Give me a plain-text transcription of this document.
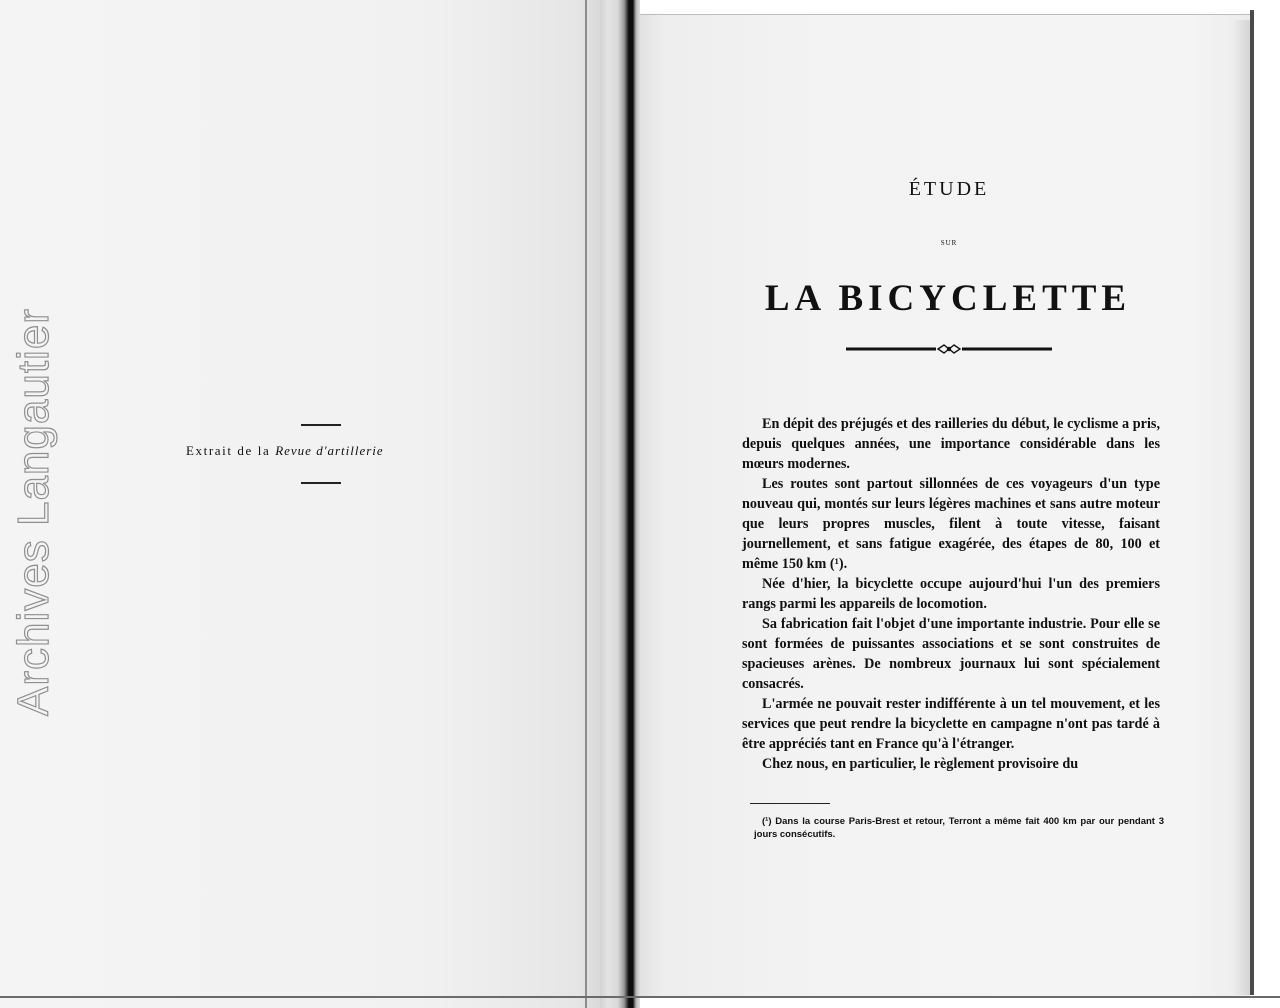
Archives Langautier	Extrait de la Revue d'artillerie
ÉTUDE
SUR
LA BICYCLETTE

En dépit des préjugés et des railleries du début, le cyclisme a pris, depuis quelques années, une importance considérable dans les mœurs modernes.

Les routes sont partout sillonnées de ces voyageurs d'un type nouveau qui, montés sur leurs légères machines et sans autre moteur que leurs propres muscles, filent à toute vitesse, faisant journellement, et sans fatigue exagérée, des étapes de 80, 100 et même 150 km (¹).

Née d'hier, la bicyclette occupe aujourd'hui l'un des premiers rangs parmi les appareils de locomotion.

Sa fabrication fait l'objet d'une importante industrie. Pour elle se sont formées de puissantes associations et se sont construites de spacieuses arènes. De nombreux journaux lui sont spécialement consacrés.

L'armée ne pouvait rester indifférente à un tel mouvement, et les services que peut rendre la bicyclette en campagne n'ont pas tardé à être appréciés tant en France qu'à l'étranger.

Chez nous, en particulier, le règlement provisoire du

(¹) Dans la course Paris-Brest et retour, Terront a même fait 400 km par our pendant 3 jours consécutifs.
